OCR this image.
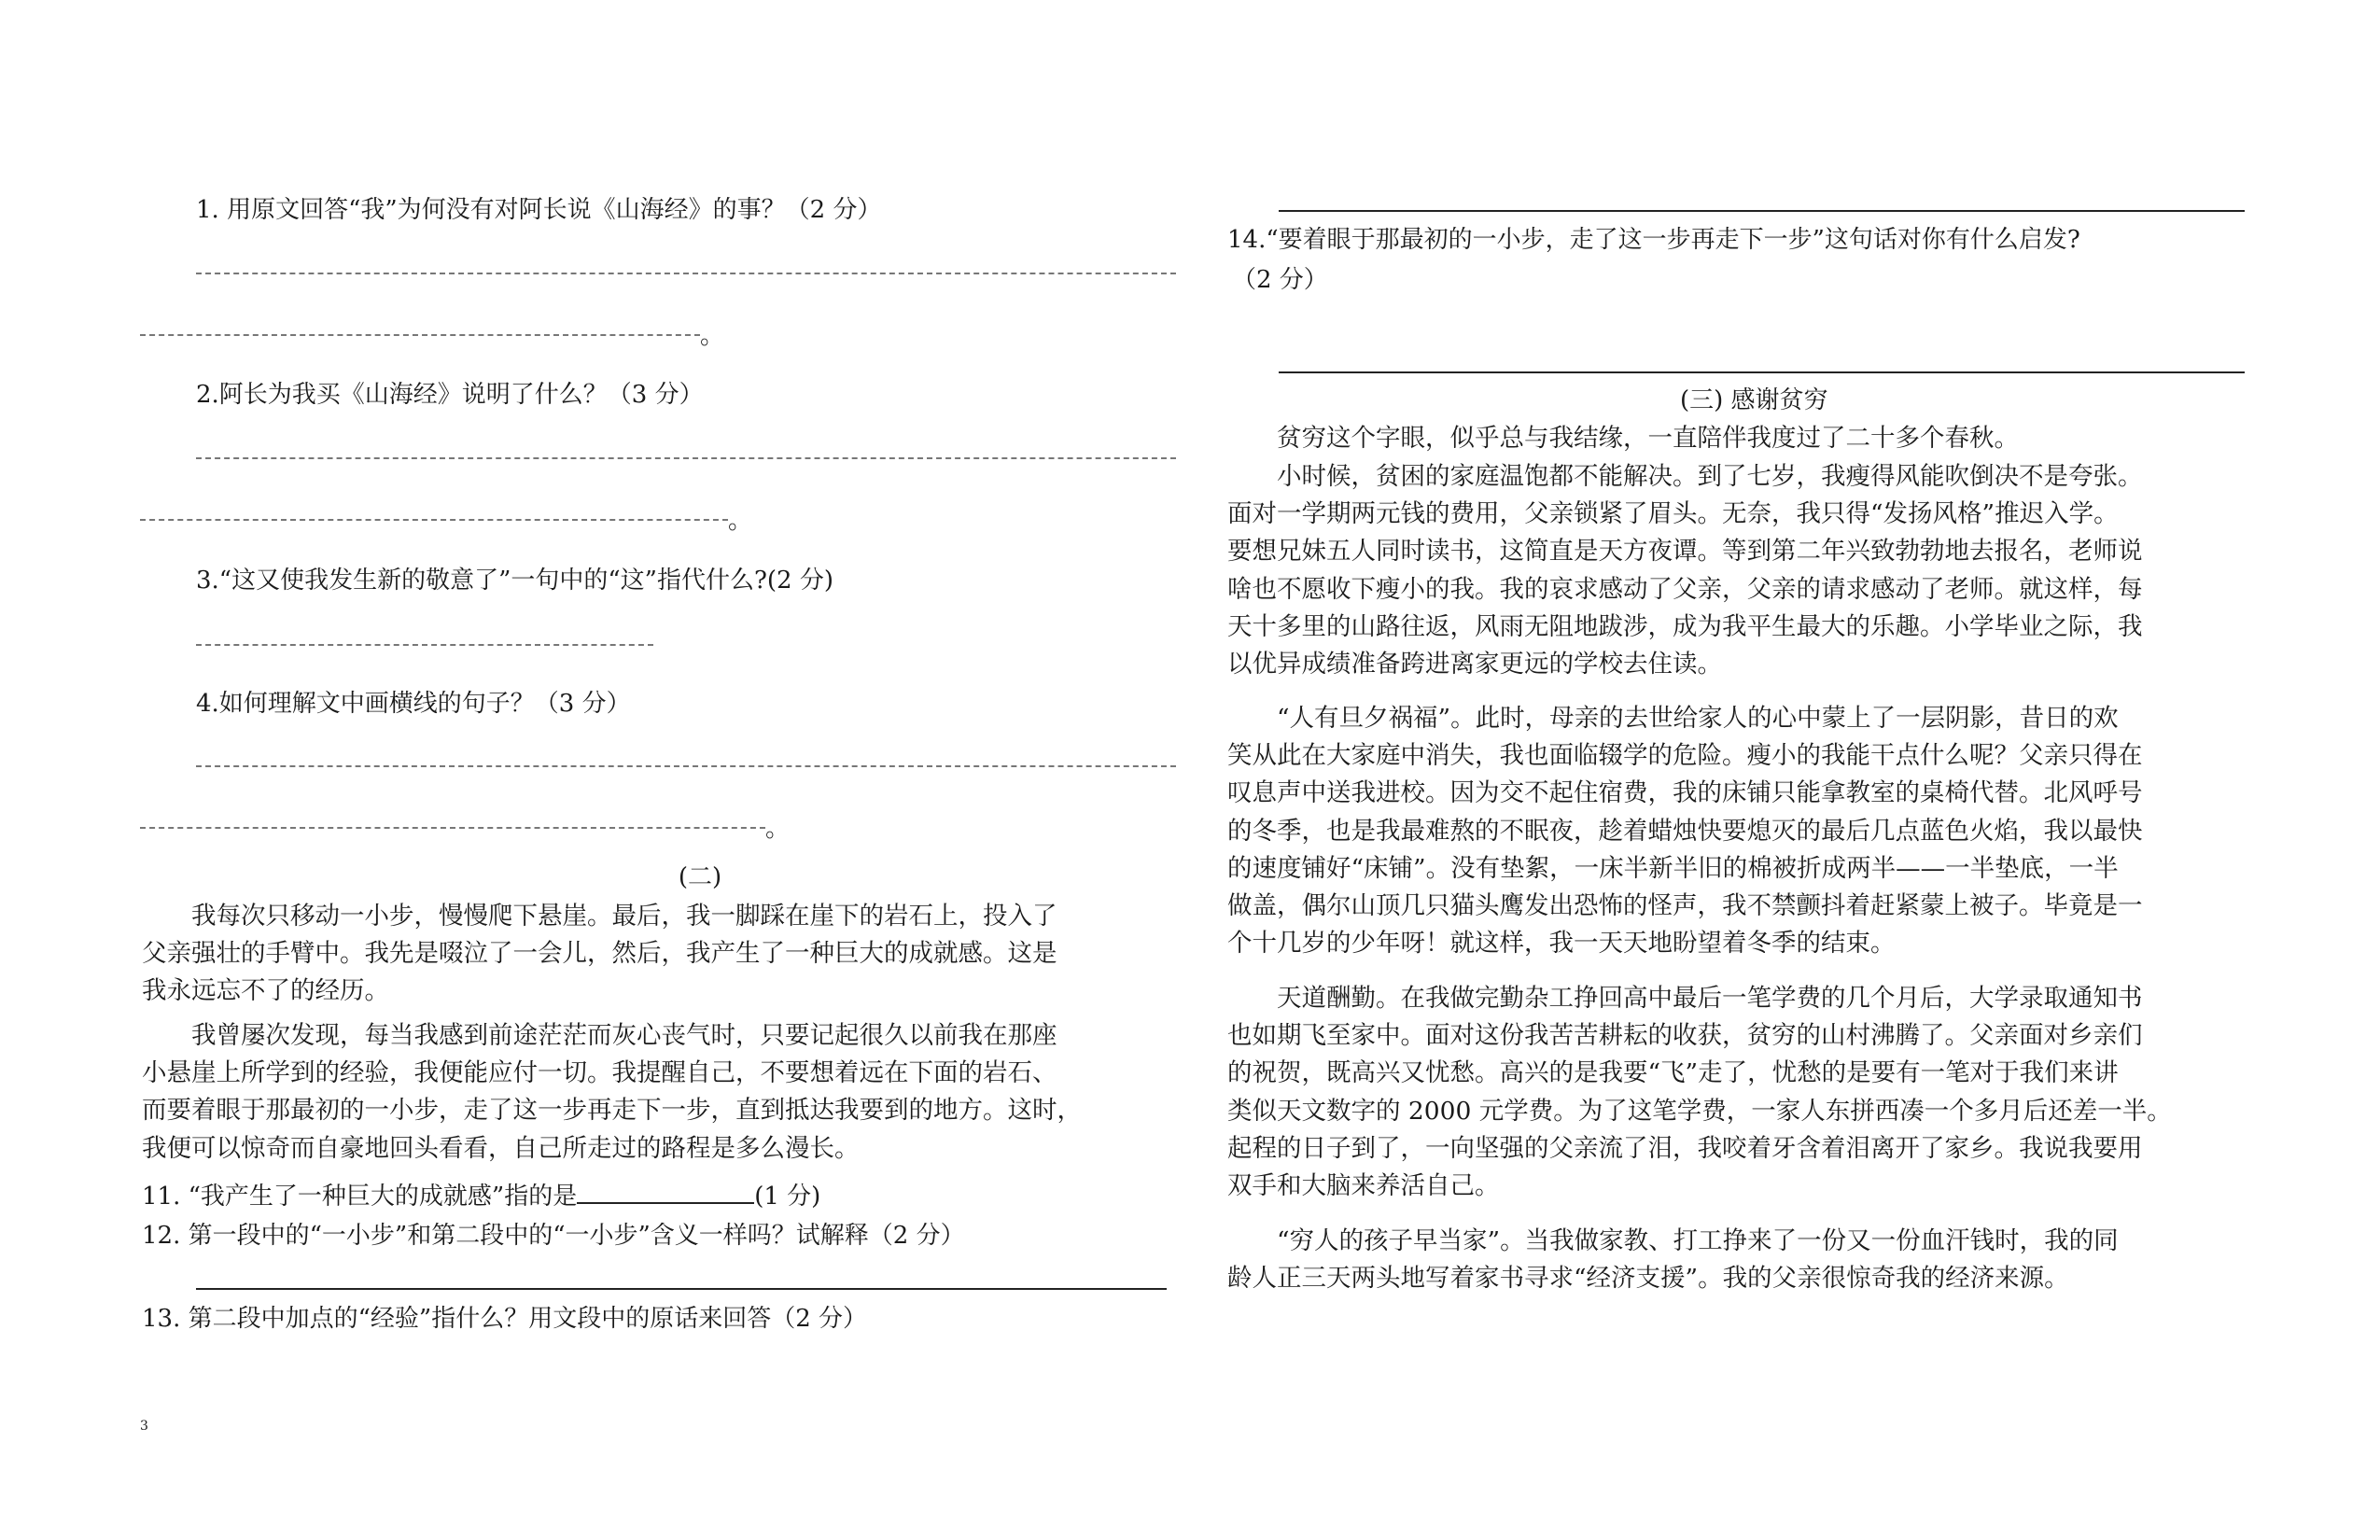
1. 用原文回答“我”为何没有对阿长说《山海经》的事？（2 分）
。
2.阿长为我买《山海经》说明了什么？（3 分）
。
3.“这又使我发生新的敬意了”一句中的“这”指代什么?(2 分)
4.如何理解文中画横线的句子？（3 分）
。
(二)
我每次只移动一小步，慢慢爬下悬崖。最后，我一脚踩在崖下的岩石上，投入了
父亲强壮的手臂中。我先是啜泣了一会儿，然后，我产生了一种巨大的成就感。这是
我永远忘不了的经历。
我曾屡次发现，每当我感到前途茫茫而灰心丧气时，只要记起很久以前我在那座
小悬崖上所学到的经验，我便能应付一切。我提醒自己，不要想着远在下面的岩石、
而要着眼于那最初的一小步，走了这一步再走下一步，直到抵达我要到的地方。这时，
我便可以惊奇而自豪地回头看看，自己所走过的路程是多么漫长。
11. “我产生了一种巨大的成就感”指的是	(1 分)
12. 第一段中的“一小步”和第二段中的“一小步”含义一样吗？试解释（2 分）
13. 第二段中加点的“经验”指什么？用文段中的原话来回答（2 分）
3
14.“要着眼于那最初的一小步，走了这一步再走下一步”这句话对你有什么启发?
（2 分）
(三) 感谢贫穷
贫穷这个字眼，似乎总与我结缘，一直陪伴我度过了二十多个春秋。
小时候，贫困的家庭温饱都不能解决。到了七岁，我瘦得风能吹倒决不是夸张。
面对一学期两元钱的费用，父亲锁紧了眉头。无奈，我只得“发扬风格”推迟入学。
要想兄妹五人同时读书，这简直是天方夜谭。等到第二年兴致勃勃地去报名，老师说
啥也不愿收下瘦小的我。我的哀求感动了父亲，父亲的请求感动了老师。就这样，每
天十多里的山路往返，风雨无阻地跋涉，成为我平生最大的乐趣。小学毕业之际，我
以优异成绩准备跨进离家更远的学校去住读。
“人有旦夕祸福”。此时，母亲的去世给家人的心中蒙上了一层阴影，昔日的欢
笑从此在大家庭中消失，我也面临辍学的危险。瘦小的我能干点什么呢？父亲只得在
叹息声中送我进校。因为交不起住宿费，我的床铺只能拿教室的桌椅代替。北风呼号
的冬季，也是我最难熬的不眠夜，趁着蜡烛快要熄灭的最后几点蓝色火焰，我以最快
的速度铺好“床铺”。没有垫絮，一床半新半旧的棉被折成两半——一半垫底，一半
做盖，偶尔山顶几只猫头鹰发出恐怖的怪声，我不禁颤抖着赶紧蒙上被子。毕竟是一
个十几岁的少年呀！就这样，我一天天地盼望着冬季的结束。
天道酬勤。在我做完勤杂工挣回高中最后一笔学费的几个月后，大学录取通知书
也如期飞至家中。面对这份我苦苦耕耘的收获，贫穷的山村沸腾了。父亲面对乡亲们
的祝贺，既高兴又忧愁。高兴的是我要“飞”走了，忧愁的是要有一笔对于我们来讲
类似天文数字的 2000 元学费。为了这笔学费，一家人东拼西凑一个多月后还差一半。
起程的日子到了，一向坚强的父亲流了泪，我咬着牙含着泪离开了家乡。我说我要用
双手和大脑来养活自己。
“穷人的孩子早当家”。当我做家教、打工挣来了一份又一份血汗钱时，我的同
龄人正三天两头地写着家书寻求“经济支援”。我的父亲很惊奇我的经济来源。
